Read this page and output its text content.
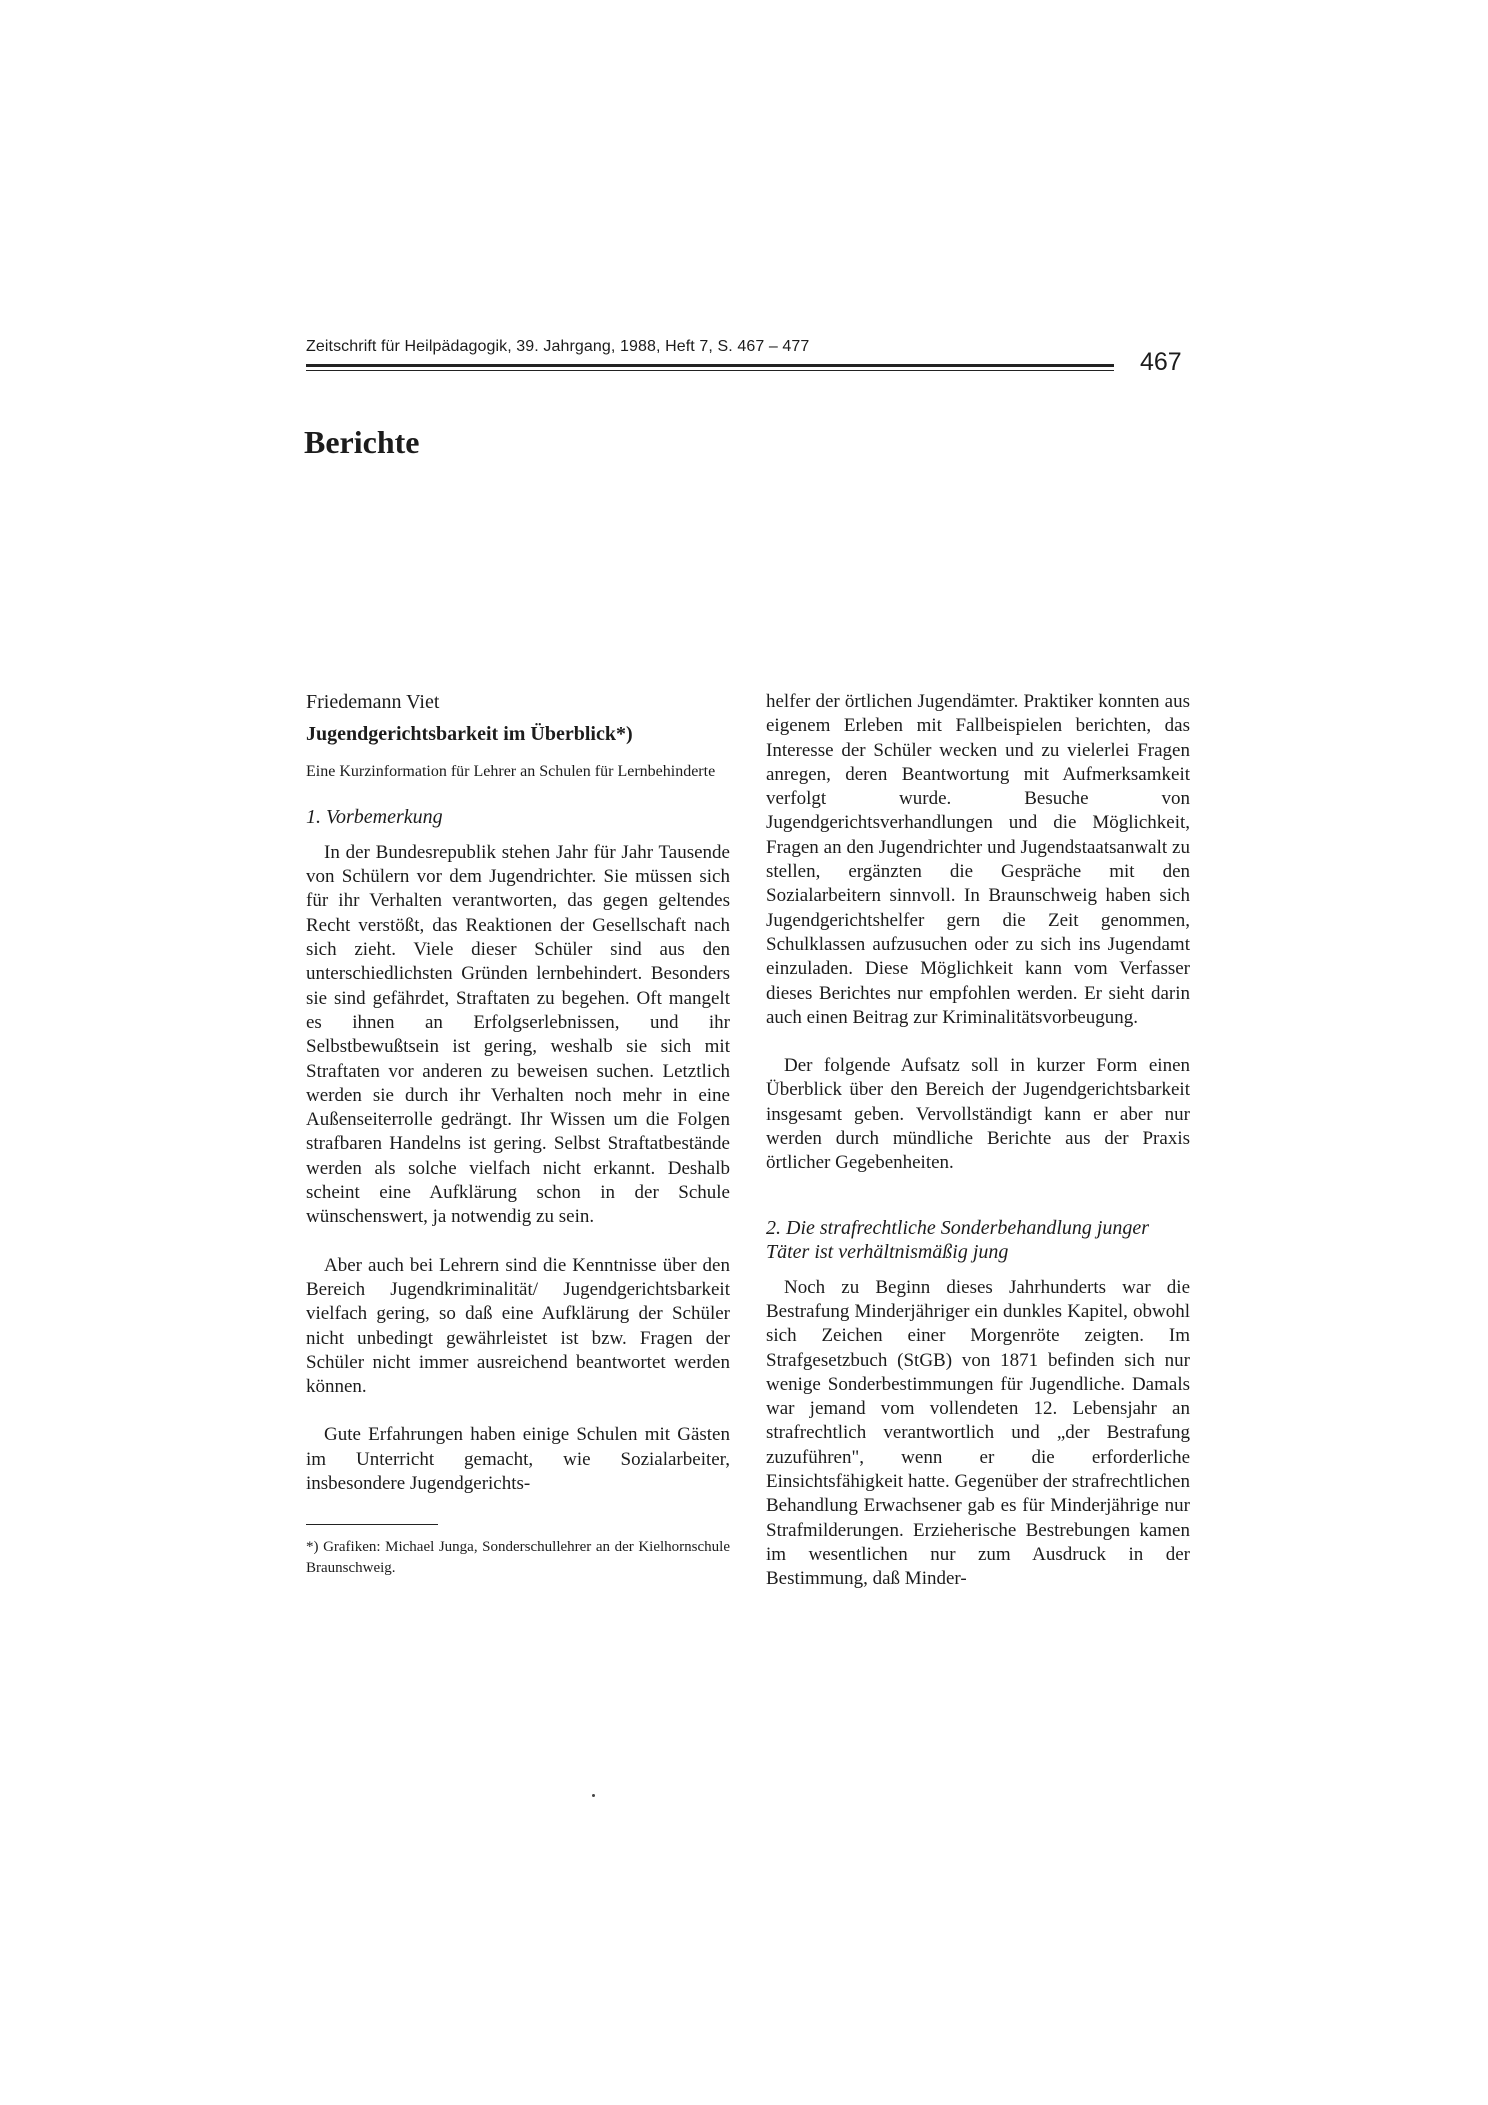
Zeitschrift für Heilpädagogik, 39. Jahrgang, 1988, Heft 7, S. 467 – 477
467
Berichte
Friedemann Viet
Jugendgerichtsbarkeit im Überblick*)
Eine Kurzinformation für Lehrer an Schulen für Lernbehinderte
1. Vorbemerkung

In der Bundesrepublik stehen Jahr für Jahr Tausende von Schülern vor dem Jugendrichter. Sie müssen sich für ihr Verhalten verantworten, das gegen geltendes Recht verstößt, das Reaktionen der Gesellschaft nach sich zieht. Viele dieser Schüler sind aus den unterschiedlichsten Gründen lernbehindert. Besonders sie sind gefährdet, Straftaten zu begehen. Oft mangelt es ihnen an Erfolgserlebnissen, und ihr Selbstbewußtsein ist gering, weshalb sie sich mit Straftaten vor anderen zu beweisen suchen. Letztlich werden sie durch ihr Verhalten noch mehr in eine Außenseiterrolle gedrängt. Ihr Wissen um die Folgen strafbaren Handelns ist gering. Selbst Straftatbestände werden als solche vielfach nicht erkannt. Deshalb scheint eine Aufklärung schon in der Schule wünschenswert, ja notwendig zu sein.

Aber auch bei Lehrern sind die Kenntnisse über den Bereich Jugendkriminalität/ Jugendgerichtsbarkeit vielfach gering, so daß eine Aufklärung der Schüler nicht unbedingt gewährleistet ist bzw. Fragen der Schüler nicht immer ausreichend beantwortet werden können.

Gute Erfahrungen haben einige Schulen mit Gästen im Unterricht gemacht, wie Sozialarbeiter, insbesondere Jugendgerichts-

*) Grafiken: Michael Junga, Sonderschullehrer an der Kielhornschule Braunschweig.

helfer der örtlichen Jugendämter. Praktiker konnten aus eigenem Erleben mit Fallbeispielen berichten, das Interesse der Schüler wecken und zu vielerlei Fragen anregen, deren Beantwortung mit Aufmerksamkeit verfolgt wurde. Besuche von Jugendgerichtsverhandlungen und die Möglichkeit, Fragen an den Jugendrichter und Jugendstaatsanwalt zu stellen, ergänzten die Gespräche mit den Sozialarbeitern sinnvoll. In Braunschweig haben sich Jugendgerichtshelfer gern die Zeit genommen, Schulklassen aufzusuchen oder zu sich ins Jugendamt einzuladen. Diese Möglichkeit kann vom Verfasser dieses Berichtes nur empfohlen werden. Er sieht darin auch einen Beitrag zur Kriminalitätsvorbeugung.

Der folgende Aufsatz soll in kurzer Form einen Überblick über den Bereich der Jugendgerichtsbarkeit insgesamt geben. Vervollständigt kann er aber nur werden durch mündliche Berichte aus der Praxis örtlicher Gegebenheiten.

2. Die strafrechtliche Sonderbehandlung junger Täter ist verhältnismäßig jung

Noch zu Beginn dieses Jahrhunderts war die Bestrafung Minderjähriger ein dunkles Kapitel, obwohl sich Zeichen einer Morgenröte zeigten. Im Strafgesetzbuch (StGB) von 1871 befinden sich nur wenige Sonderbestimmungen für Jugendliche. Damals war jemand vom vollendeten 12. Lebensjahr an strafrechtlich verantwortlich und „der Bestrafung zuzuführen", wenn er die erforderliche Einsichtsfähigkeit hatte. Gegenüber der strafrechtlichen Behandlung Erwachsener gab es für Minderjährige nur Strafmilderungen. Erzieherische Bestrebungen kamen im wesentlichen nur zum Ausdruck in der Bestimmung, daß Minder-
